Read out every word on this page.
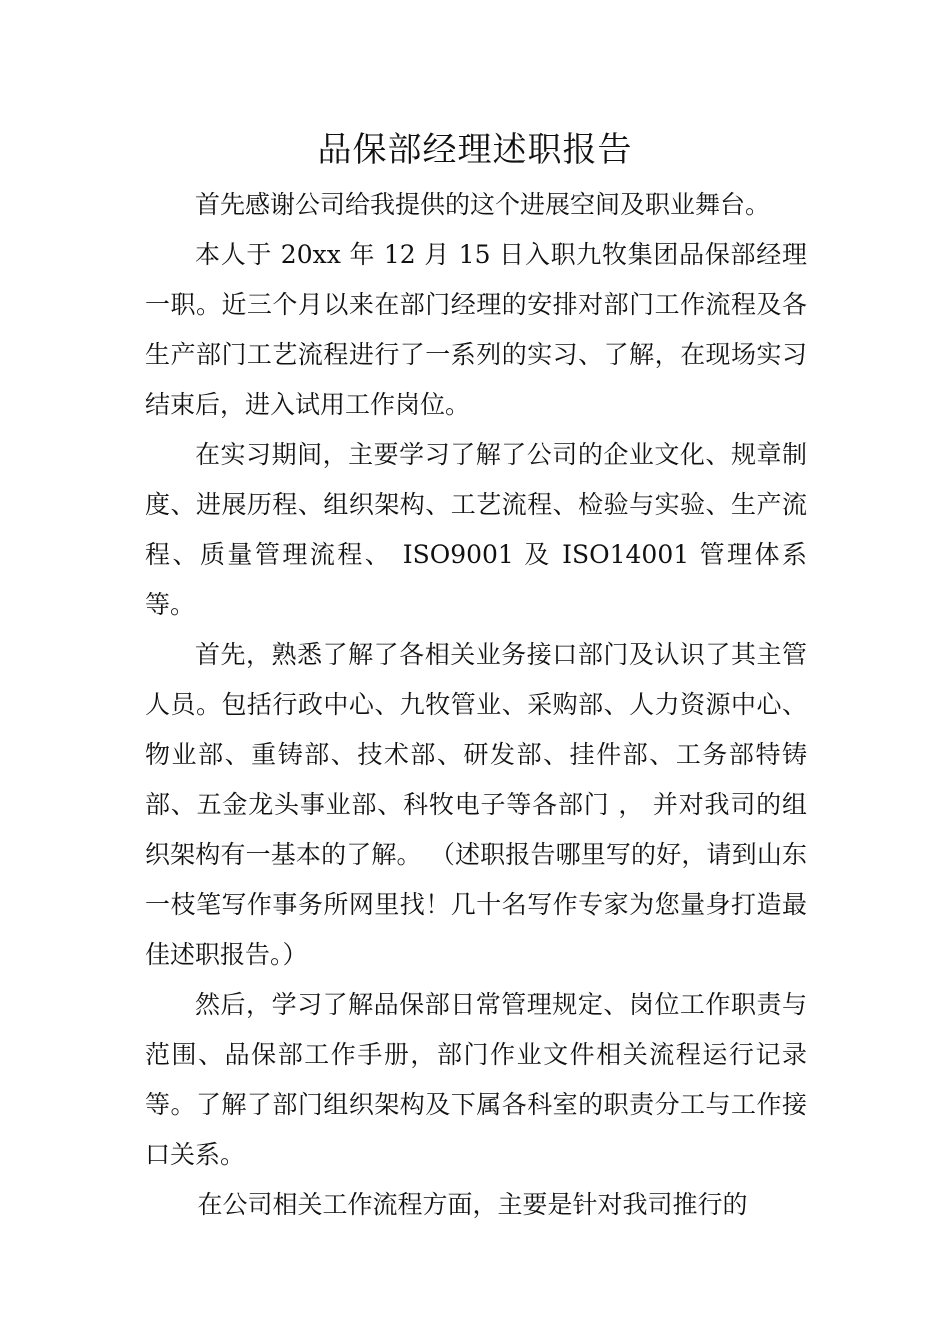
品保部经理述职报告

首先感谢公司给我提供的这个进展空间及职业舞台。

本人于 20xx 年 12 月 15 日入职九牧集团品保部经理一职。近三个月以来在部门经理的安排对部门工作流程及各生产部门工艺流程进行了一系列的实习、了解，在现场实习结束后，进入试用工作岗位。

在实习期间，主要学习了解了公司的企业文化、规章制度、进展历程、组织架构、工艺流程、检验与实验、生产流程、质量管理流程、 ISO9001 及 ISO14001 管理体系等。

首先，熟悉了解了各相关业务接口部门及认识了其主管人员。包括行政中心、九牧管业、采购部、人力资源中心、物业部、重铸部、技术部、研发部、挂件部、工务部特铸部、五金龙头事业部、科牧电子等各部门 ， 并对我司的组织架构有一基本的了解。 （述职报告哪里写的好，请到山东一枝笔写作事务所网里找！几十名写作专家为您量身打造最佳述职报告。）

然后，学习了解品保部日常管理规定、岗位工作职责与范围、品保部工作手册，部门作业文件相关流程运行记录等。了解了部门组织架构及下属各科室的职责分工与工作接口关系。

在公司相关工作流程方面，主要是针对我司推行的
